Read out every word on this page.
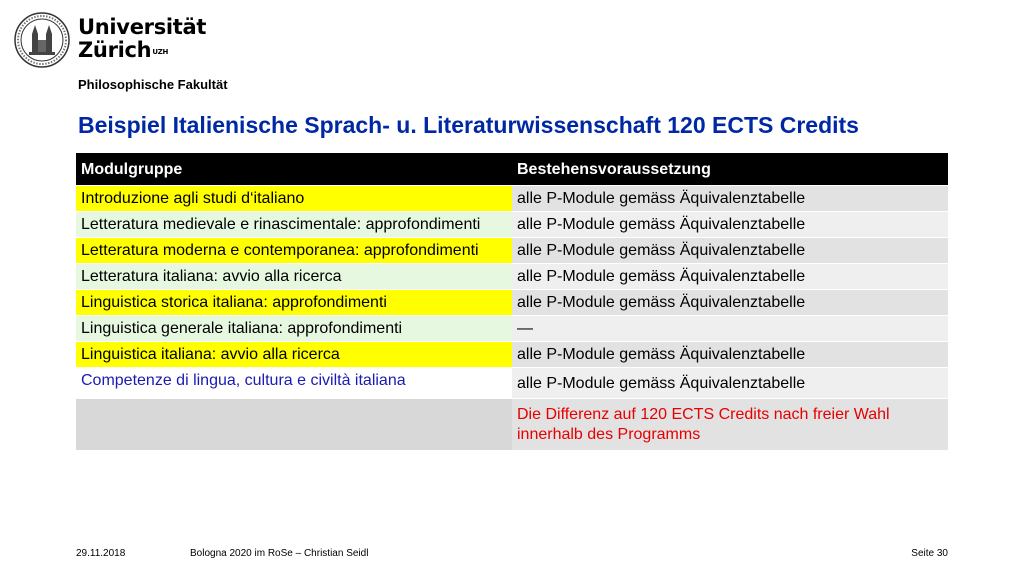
Universität
Zürich$^{UZH}$
Philosophische Fakultät
Beispiel Italienische Sprach- u. Literaturwissenschaft 120 ECTS Credits
Modulgruppe	Bestehensvoraussetzung
Introduzione agli studi d‘italiano	alle P-Module gemäss Äquivalenztabelle
Letteratura medievale e rinascimentale: approfondimenti	alle P-Module gemäss Äquivalenztabelle
Letteratura moderna e contemporanea: approfondimenti	alle P-Module gemäss Äquivalenztabelle
Letteratura italiana: avvio alla ricerca	alle P-Module gemäss Äquivalenztabelle
Linguistica storica italiana: approfondimenti	alle P-Module gemäss Äquivalenztabelle
Linguistica generale italiana: approfondimenti	—
Linguistica italiana: avvio alla ricerca	alle P-Module gemäss Äquivalenztabelle
Competenze di lingua, cultura e civiltà italiana	alle P-Module gemäss Äquivalenztabelle
	Die Differenz auf 120 ECTS Credits nach freier Wahl innerhalb des Programms
29.11.2018	Bologna 2020 im RoSe – Christian Seidl	Seite 30
